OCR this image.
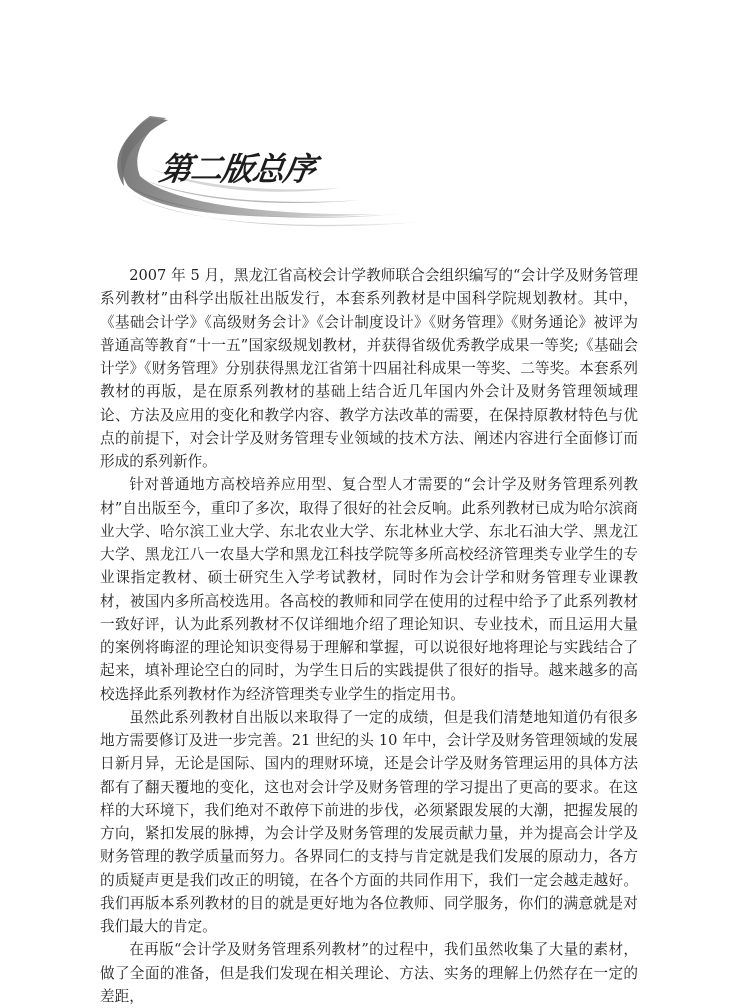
第二版总序

2007 年 5 月，黑龙江省高校会计学教师联合会组织编写的“会计学及财务管理系列教材”由科学出版社出版发行，本套系列教材是中国科学院规划教材。其中，《基础会计学》《高级财务会计》《会计制度设计》《财务管理》《财务通论》被评为普通高等教育“十一五”国家级规划教材，并获得省级优秀教学成果一等奖;《基础会计学》《财务管理》分别获得黑龙江省第十四届社科成果一等奖、二等奖。本套系列教材的再版，是在原系列教材的基础上结合近几年国内外会计及财务管理领域理论、方法及应用的变化和教学内容、教学方法改革的需要，在保持原教材特色与优点的前提下，对会计学及财务管理专业领域的技术方法、阐述内容进行全面修订而形成的系列新作。

针对普通地方高校培养应用型、复合型人才需要的“会计学及财务管理系列教材”自出版至今，重印了多次，取得了很好的社会反响。此系列教材已成为哈尔滨商业大学、哈尔滨工业大学、东北农业大学、东北林业大学、东北石油大学、黑龙江大学、黑龙江八一农垦大学和黑龙江科技学院等多所高校经济管理类专业学生的专业课指定教材、硕士研究生入学考试教材，同时作为会计学和财务管理专业课教材，被国内多所高校选用。各高校的教师和同学在使用的过程中给予了此系列教材一致好评，认为此系列教材不仅详细地介绍了理论知识、专业技术，而且运用大量的案例将晦涩的理论知识变得易于理解和掌握，可以说很好地将理论与实践结合了起来，填补理论空白的同时，为学生日后的实践提供了很好的指导。越来越多的高校选择此系列教材作为经济管理类专业学生的指定用书。

虽然此系列教材自出版以来取得了一定的成绩，但是我们清楚地知道仍有很多地方需要修订及进一步完善。21 世纪的头 10 年中，会计学及财务管理领域的发展日新月异，无论是国际、国内的理财环境，还是会计学及财务管理运用的具体方法都有了翻天覆地的变化，这也对会计学及财务管理的学习提出了更高的要求。在这样的大环境下，我们绝对不敢停下前进的步伐，必须紧跟发展的大潮，把握发展的方向，紧扣发展的脉搏，为会计学及财务管理的发展贡献力量，并为提高会计学及财务管理的教学质量而努力。各界同仁的支持与肯定就是我们发展的原动力，各方的质疑声更是我们改正的明镜，在各个方面的共同作用下，我们一定会越走越好。我们再版本系列教材的目的就是更好地为各位教师、同学服务，你们的满意就是对我们最大的肯定。

在再版“会计学及财务管理系列教材”的过程中，我们虽然收集了大量的素材，做了全面的准备，但是我们发现在相关理论、方法、实务的理解上仍然存在一定的差距，
